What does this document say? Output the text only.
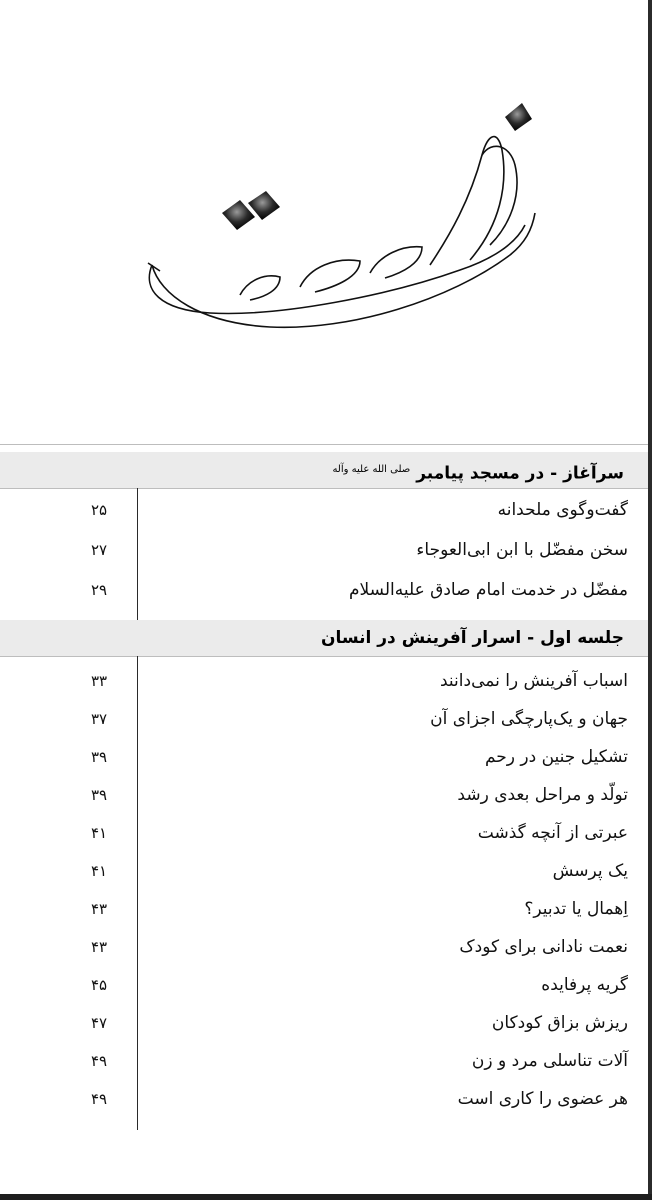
سرآغاز - در مسجد پیامبر $^{صلى الله عليه وآله}$
گفت‌وگوی ملحدانه
۲۵
سخن مفضّل با ابن ابی‌العوجاء
۲۷
مفضّل در خدمت امام صادق علیه‌السلام
۲۹
جلسه اول - اسرار آفرینش در انسان
اسباب آفرینش را نمی‌دانند
۳۳
جهان و یک‌پارچگی اجزای آن
۳۷
تشکیل جنین در رحم
۳۹
تولّد و مراحل بعدی رشد
۳۹
عبرتی از آنچه گذشت
۴۱
یک پرسش
۴۱
اِهمال یا تدبیر؟
۴۳
نعمت نادانی برای کودک
۴۳
گریه پرفایده
۴۵
ریزش بزاق کودکان
۴۷
آلات تناسلی مرد و زن
۴۹
هر عضوی را کاری است
۴۹
